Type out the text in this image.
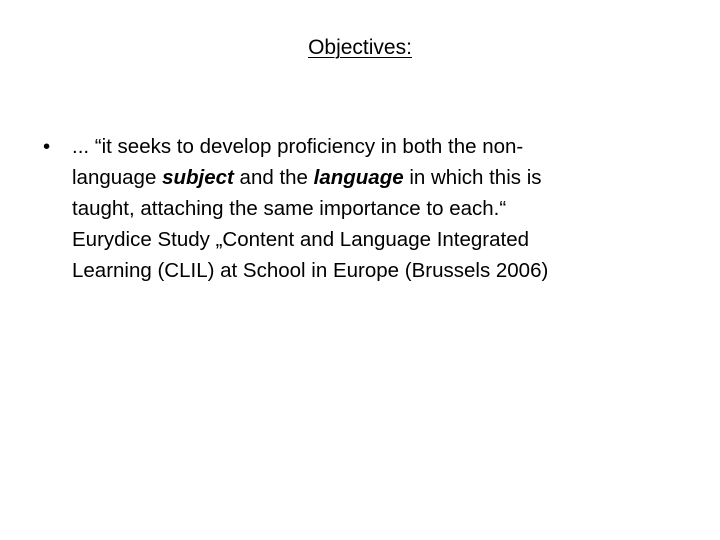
Objectives:
• ... “it seeks to develop proficiency in both the non-
language subject and the language in which this is
taught, attaching the same importance to each.“
Eurydice Study „Content and Language Integrated
Learning (CLIL) at School in Europe (Brussels 2006)
